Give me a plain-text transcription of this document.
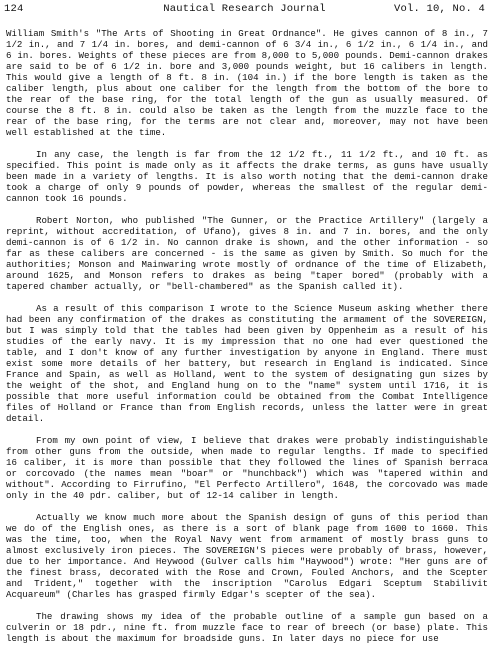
124	Nautical Research Journal	Vol. 10, No. 4

William Smith's "The Arts of Shooting in Great Ordnance". He gives cannon of 8 in., 7 1/2 in., and 7 1/4 in. bores, and demi-cannon of 6 3/4 in., 6 1/2 in., 6 1/4 in., and 6 in. bores. Weights of these pieces are from 8,000 to 5,000 pounds. Demi-cannon drakes are said to be of 6 1/2 in. bore and 3,000 pounds weight, but 16 calibers in length. This would give a length of 8 ft. 8 in. (104 in.) if the bore length is taken as the caliber length, plus about one caliber for the length from the bottom of the bore to the rear of the base ring, for the total length of the gun as usually measured. Of course the 8 ft. 8 in. could also be taken as the length from the muzzle face to the rear of the base ring, for the terms are not clear and, moreover, may not have been well established at the time.

In any case, the length is far from the 12 1/2 ft., 11 1/2 ft., and 10 ft. as specified. This point is made only as it affects the drake terms, as guns have usually been made in a variety of lengths. It is also worth noting that the demi-cannon drake took a charge of only 9 pounds of powder, whereas the smallest of the regular demi-cannon took 16 pounds.

Robert Norton, who published "The Gunner, or the Practice Artillery" (largely a reprint, without accreditation, of Ufano), gives 8 in. and 7 in. bores, and the only demi-cannon is of 6 1/2 in. No cannon drake is shown, and the other information - so far as these calibers are concerned - is the same as given by Smith. So much for the authorities; Monson and Mainwaring wrote mostly of ordnance of the time of Elizabeth, around 1625, and Monson refers to drakes as being "taper bored" (probably with a tapered chamber actually, or "bell-chambered" as the Spanish called it).

As a result of this comparison I wrote to the Science Museum asking whether there had been any confirmation of the drakes as constituting the armament of the SOVEREIGN, but I was simply told that the tables had been given by Oppenheim as a result of his studies of the early navy. It is my impression that no one had ever questioned the table, and I don't know of any further investigation by anyone in England. There must exist some more details of her battery, but research in England is indicated. Since France and Spain, as well as Holland, went to the system of designating gun sizes by the weight of the shot, and England hung on to the "name" system until 1716, it is possible that more useful information could be obtained from the Combat Intelligence files of Holland or France than from English records, unless the latter were in great detail.

From my own point of view, I believe that drakes were probably indistinguishable from other guns from the outside, when made to regular lengths. If made to specified 16 caliber, it is more than possible that they followed the lines of Spanish berraca or corcovado (the names mean "boar" or "hunchback") which was "tapered within and without". According to Firrufino, "El Perfecto Artillero", 1648, the corcovado was made only in the 40 pdr. caliber, but of 12-14 caliber in length.

Actually we know much more about the Spanish design of guns of this period than we do of the English ones, as there is a sort of blank page from 1600 to 1660. This was the time, too, when the Royal Navy went from armament of mostly brass guns to almost exclusively iron pieces. The SOVEREIGN'S pieces were probably of brass, however, due to her importance. And Heywood (Gulver calls him "Haywood") wrote: "Her guns are of the finest brass, decorated with the Rose and Crown, Fouled Anchors, and the Scepter and Trident," together with the inscription "Carolus Edgari Sceptum Stabilivit Acquareum" (Charles has grasped firmly Edgar's scepter of the sea).

The drawing shows my idea of the probable outline of a sample gun based on a culverin or 18 pdr., nine ft. from muzzle face to rear of breech (or base) plate. This length is about the maximum for broadside guns. In later days no piece for use
